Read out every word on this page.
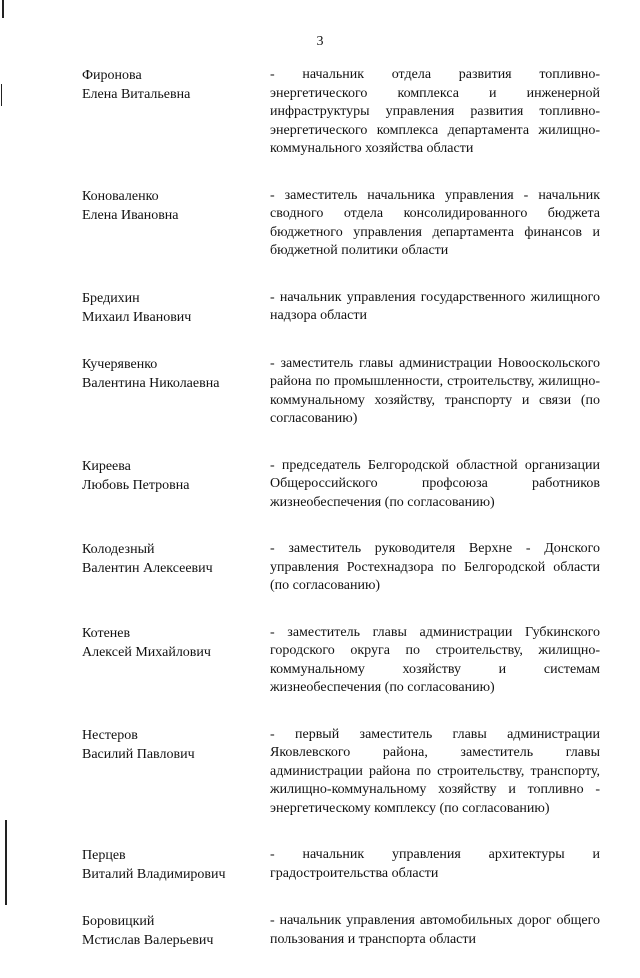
3
Фиронова
Елена Витальевна
- начальник отдела развития топливно-энергетического комплекса и инженерной инфраструктуры управления развития топливно-энергетического комплекса департамента жилищно-коммунального хозяйства области
Коноваленко
Елена Ивановна
- заместитель начальника управления - начальник сводного отдела консолидированного бюджета бюджетного управления департамента финансов и бюджетной политики области
Бредихин
Михаил Иванович
- начальник управления государственного жилищного надзора области
Кучерявенко
Валентина Николаевна
- заместитель главы администрации Новооскольского района по промышленности, строительству, жилищно-коммунальному хозяйству, транспорту и связи (по согласованию)
Киреева
Любовь Петровна
- председатель Белгородской областной организации Общероссийского профсоюза работников жизнеобеспечения (по согласованию)
Колодезный
Валентин Алексеевич
- заместитель руководителя Верхне - Донского управления Ростехнадзора по Белгородской области (по согласованию)
Котенев
Алексей Михайлович
- заместитель главы администрации Губкинского городского округа по строительству, жилищно-коммунальному хозяйству и системам жизнеобеспечения (по согласованию)
Нестеров
Василий Павлович
- первый заместитель главы администрации Яковлевского района, заместитель главы администрации района по строительству, транспорту, жилищно-коммунальному хозяйству и топливно - энергетическому комплексу (по согласованию)
Перцев
Виталий Владимирович
- начальник управления архитектуры и градостроительства области
Боровицкий
Мстислав Валерьевич
- начальник управления автомобильных дорог общего пользования и транспорта области
